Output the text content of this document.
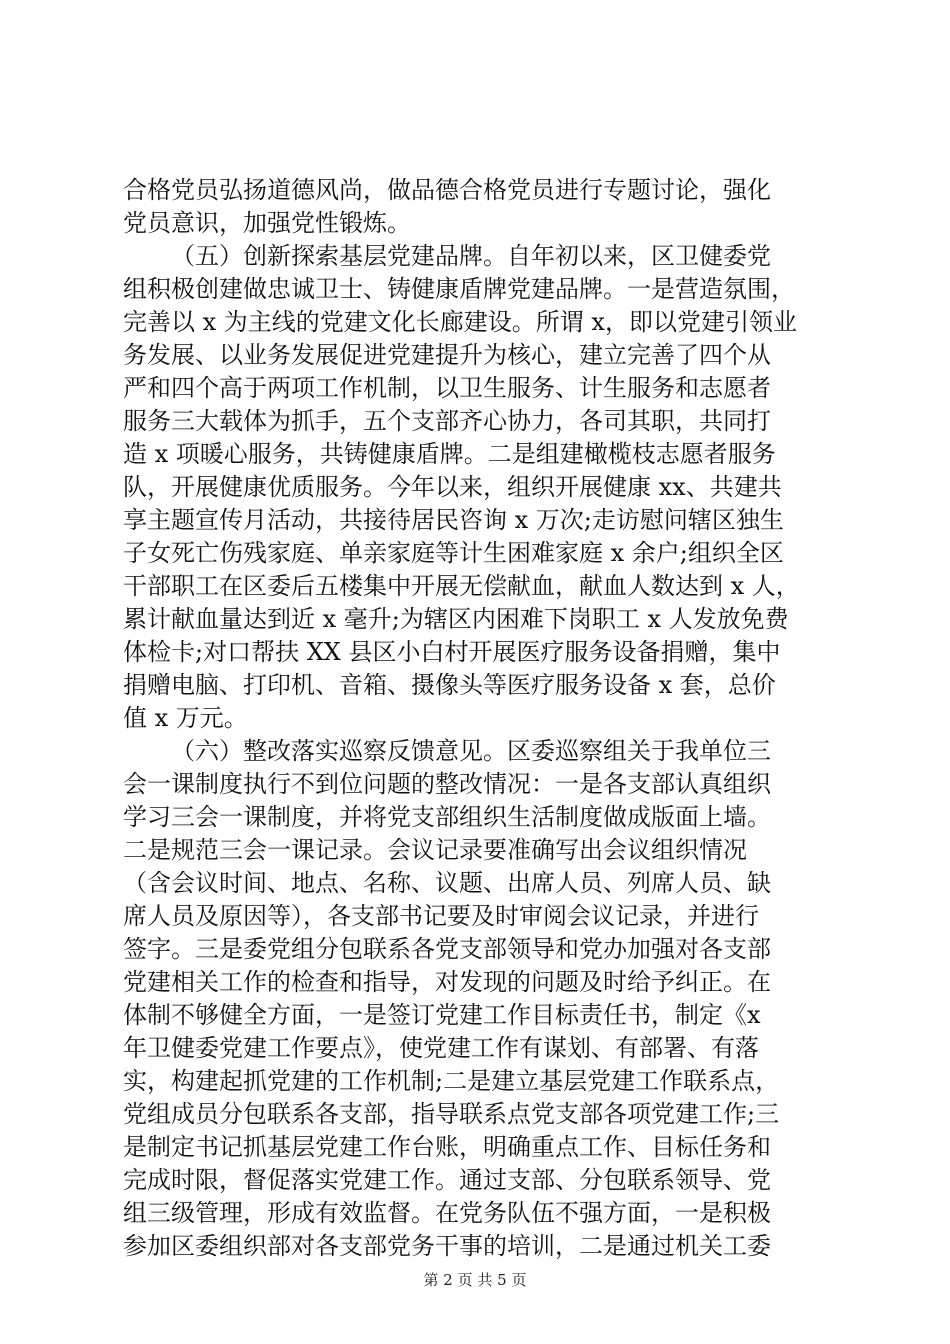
合格党员弘扬道德风尚，做品德合格党员进行专题讨论，强化
党员意识，加强党性锻炼。
（五）创新探索基层党建品牌。自年初以来，区卫健委党
组积极创建做忠诚卫士、铸健康盾牌党建品牌。一是营造氛围，
完善以 x 为主线的党建文化长廊建设。所谓 x，即以党建引领业
务发展、以业务发展促进党建提升为核心，建立完善了四个从
严和四个高于两项工作机制，以卫生服务、计生服务和志愿者
服务三大载体为抓手，五个支部齐心协力，各司其职，共同打
造 x 项暖心服务，共铸健康盾牌。二是组建橄榄枝志愿者服务
队，开展健康优质服务。今年以来，组织开展健康 xx、共建共
享主题宣传月活动，共接待居民咨询 x 万次;走访慰问辖区独生
子女死亡伤残家庭、单亲家庭等计生困难家庭 x 余户;组织全区
干部职工在区委后五楼集中开展无偿献血，献血人数达到 x 人，
累计献血量达到近 x 毫升;为辖区内困难下岗职工 x 人发放免费
体检卡;对口帮扶 XX 县区小白村开展医疗服务设备捐赠，集中
捐赠电脑、打印机、音箱、摄像头等医疗服务设备 x 套，总价
值 x 万元。
（六）整改落实巡察反馈意见。区委巡察组关于我单位三
会一课制度执行不到位问题的整改情况：一是各支部认真组织
学习三会一课制度，并将党支部组织生活制度做成版面上墙。
二是规范三会一课记录。会议记录要准确写出会议组织情况
（含会议时间、地点、名称、议题、出席人员、列席人员、缺
席人员及原因等），各支部书记要及时审阅会议记录，并进行
签字。三是委党组分包联系各党支部领导和党办加强对各支部
党建相关工作的检查和指导，对发现的问题及时给予纠正。在
体制不够健全方面，一是签订党建工作目标责任书，制定《x
年卫健委党建工作要点》，使党建工作有谋划、有部署、有落
实，构建起抓党建的工作机制;二是建立基层党建工作联系点，
党组成员分包联系各支部，指导联系点党支部各项党建工作;三
是制定书记抓基层党建工作台账，明确重点工作、目标任务和
完成时限，督促落实党建工作。通过支部、分包联系领导、党
组三级管理，形成有效监督。在党务队伍不强方面，一是积极
参加区委组织部对各支部党务干事的培训，二是通过机关工委
第 2 页 共 5 页
